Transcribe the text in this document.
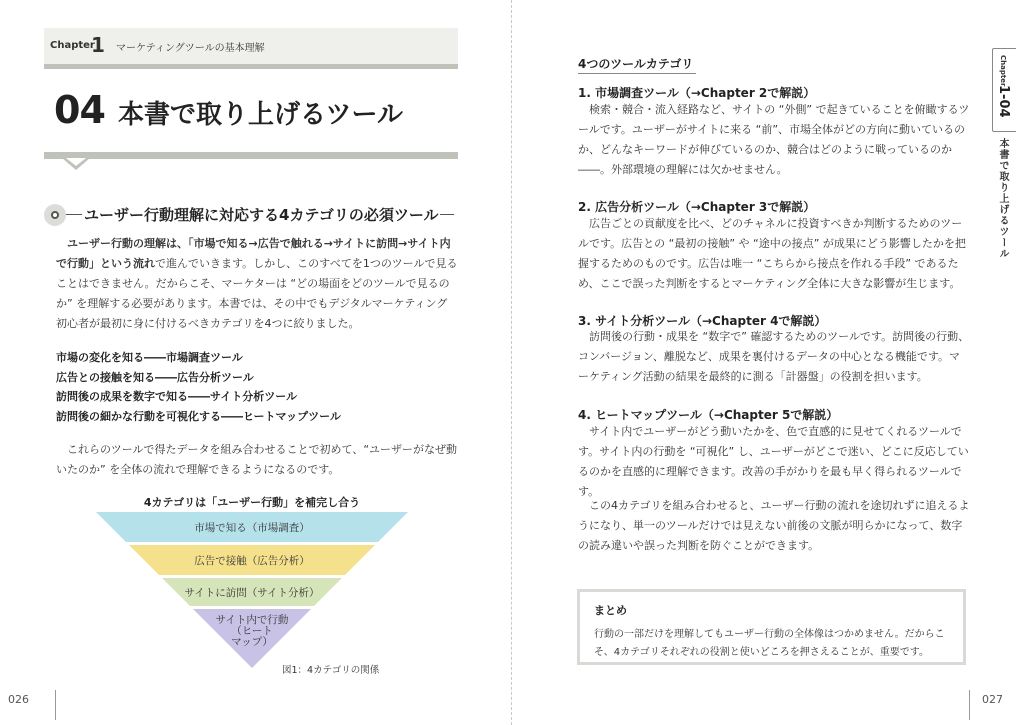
Chapter
1 マーケティングツールの基本理解
04 本書で取り上げるツール
ユーザー行動理解に対応する4カテゴリの必須ツール
ユーザー行動の理解は、「市場で知る→広告で触れる→サイトに訪問→サイト内で行動」という流れで進んでいきます。しかし、このすべてを1つのツールで見ることはできません。だからこそ、マーケターは “どの場面をどのツールで見るのか” を理解する必要があります。本書では、その中でもデジタルマーケティング初心者が最初に身に付けるべきカテゴリを4つに絞りました。
市場の変化を知る――市場調査ツール
広告との接触を知る――広告分析ツール
訪問後の成果を数字で知る――サイト分析ツール
訪問後の細かな行動を可視化する――ヒートマップツール
これらのツールで得たデータを組み合わせることで初めて、“ユーザーがなぜ動いたのか” を全体の流れで理解できるようになるのです。
4カテゴリは「ユーザー行動」を補完し合う
市場で知る（市場調査）
広告で接触（広告分析）
サイトに訪問（サイト分析）
サイト内で行動
（ヒート
マップ）
図1：4カテゴリの関係
026
4つのツールカテゴリ
1. 市場調査ツール（→Chapter 2で解説）
検索・競合・流入経路など、サイトの “外側” で起きていることを俯瞰するツールです。ユーザーがサイトに来る “前”、市場全体がどの方向に動いているのか、どんなキーワードが伸びているのか、競合はどのように戦っているのか――。外部環境の理解には欠かせません。
2. 広告分析ツール（→Chapter 3で解説）
広告ごとの貢献度を比べ、どのチャネルに投資すべきか判断するためのツールです。広告との “最初の接触” や “途中の接点” が成果にどう影響したかを把握するためのものです。広告は唯一 “こちらから接点を作れる手段” であるため、ここで誤った判断をするとマーケティング全体に大きな影響が生じます。
3. サイト分析ツール（→Chapter 4で解説）
訪問後の行動・成果を “数字で” 確認するためのツールです。訪問後の行動、コンバージョン、離脱など、成果を裏付けるデータの中心となる機能です。マーケティング活動の結果を最終的に測る「計器盤」の役割を担います。
4. ヒートマップツール（→Chapter 5で解説）
サイト内でユーザーがどう動いたかを、色で直感的に見せてくれるツールです。サイト内の行動を “可視化” し、ユーザーがどこで迷い、どこに反応しているのかを直感的に理解できます。改善の手がかりを最も早く得られるツールです。
この4カテゴリを組み合わせると、ユーザー行動の流れを途切れずに追えるようになり、単一のツールだけでは見えない前後の文脈が明らかになって、数字の読み違いや誤った判断を防ぐことができます。
まとめ
行動の一部だけを理解してもユーザー行動の全体像はつかめません。だからこそ、4カテゴリそれぞれの役割と使いどころを押さえることが、重要です。
Chapter
1-04
本書で取り上げるツール
027
